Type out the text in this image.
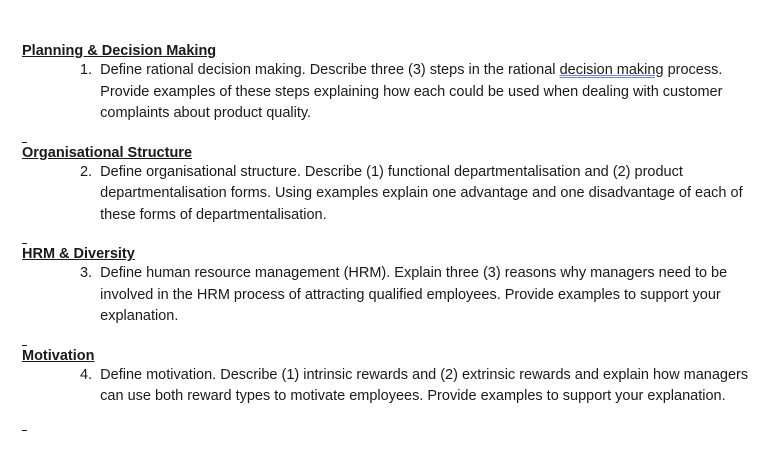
Planning & Decision Making
1. Define rational decision making. Describe three (3) steps in the rational decision making process. Provide examples of these steps explaining how each could be used when dealing with customer complaints about product quality.
Organisational Structure
2. Define organisational structure. Describe (1) functional departmentalisation and (2) product departmentalisation forms. Using examples explain one advantage and one disadvantage of each of these forms of departmentalisation.
HRM & Diversity
3. Define human resource management (HRM). Explain three (3) reasons why managers need to be involved in the HRM process of attracting qualified employees. Provide examples to support your explanation.
Motivation
4. Define motivation. Describe (1) intrinsic rewards and (2) extrinsic rewards and explain how managers can use both reward types to motivate employees. Provide examples to support your explanation.
